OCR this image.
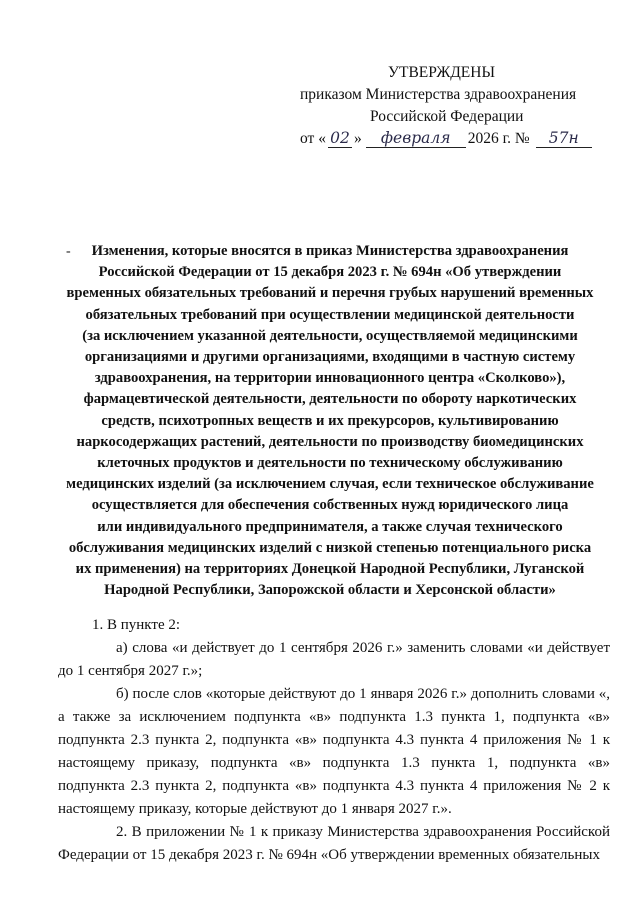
УТВЕРЖДЕНЫ
приказом Министерства здравоохранения
Российской Федерации
от « 02 »	февраля	2026 г. №	57н
-	Изменения, которые вносятся в приказ Министерства здравоохранения
Российской Федерации от 15 декабря 2023 г. № 694н «Об утверждении
временных обязательных требований и перечня грубых нарушений временных
обязательных требований при осуществлении медицинской деятельности
(за исключением указанной деятельности, осуществляемой медицинскими
организациями и другими организациями, входящими в частную систему
здравоохранения, на территории инновационного центра «Сколково»),
фармацевтической деятельности, деятельности по обороту наркотических
средств, психотропных веществ и их прекурсоров, культивированию
наркосодержащих растений, деятельности по производству биомедицинских
клеточных продуктов и деятельности по техническому обслуживанию
медицинских изделий (за исключением случая, если техническое обслуживание
осуществляется для обеспечения собственных нужд юридического лица
или индивидуального предпринимателя, а также случая технического
обслуживания медицинских изделий с низкой степенью потенциального риска
их применения) на территориях Донецкой Народной Республики, Луганской
Народной Республики, Запорожской области и Херсонской области»

1. В пункте 2:

а) слова «и действует до 1 сентября 2026 г.» заменить словами «и действует до 1 сентября 2027 г.»;

б) после слов «которые действуют до 1 января 2026 г.» дополнить словами «, а также за исключением подпункта «в» подпункта 1.3 пункта 1, подпункта «в» подпункта 2.3 пункта 2, подпункта «в» подпункта 4.3 пункта 4 приложения № 1 к настоящему приказу, подпункта «в» подпункта 1.3 пункта 1, подпункта «в» подпункта 2.3 пункта 2, подпункта «в» подпункта 4.3 пункта 4 приложения № 2 к настоящему приказу, которые действуют до 1 января 2027 г.».

2. В приложении № 1 к приказу Министерства здравоохранения Российской Федерации от 15 декабря 2023 г. № 694н «Об утверждении временных обязательных
